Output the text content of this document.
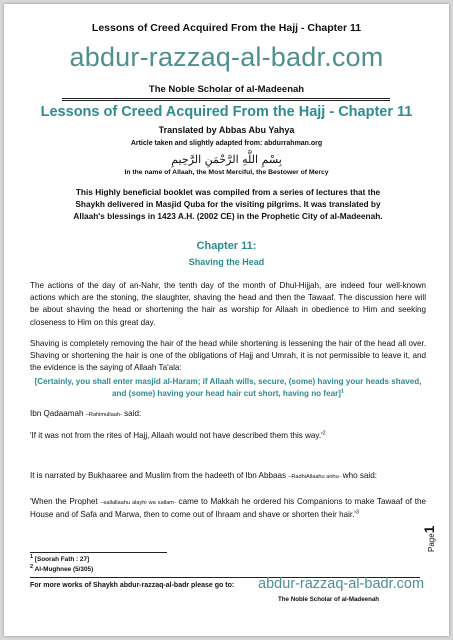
Lessons of Creed Acquired From the Hajj - Chapter 11
abdur-razzaq-al-badr.com
The Noble Scholar of al-Madeenah
Lessons of Creed Acquired From the Hajj - Chapter 11
Translated by Abbas Abu Yahya
Article taken and slightly adapted from: abdurrahman.org
بِسْمِ اللَّهِ الرَّحْمَنِ الرَّحِيمِ
In the name of Allaah, the Most Merciful, the Bestower of Mercy
This Highly beneficial booklet was compiled from a series of lectures that the Shaykh delivered in Masjid Quba for the visiting pilgrims. It was translated by Allaah's blessings in 1423 A.H. (2002 CE) in the Prophetic City of al-Madeenah.
Chapter 11:
Shaving the Head
The actions of the day of an-Nahr, the tenth day of the month of Dhul-Hijjah, are indeed four well-known actions which are the stoning, the slaughter, shaving the head and then the Tawaaf. The discussion here will be about shaving the head or shortening the hair as worship for Allaah in obedience to Him and seeking closeness to Him on this great day.
Shaving is completely removing the hair of the head while shortening is lessening the hair of the head all over. Shaving or shortening the hair is one of the obligations of Hajj and Umrah, it is not permissible to leave it, and the evidence is the saying of Allaah Ta'ala:
[Certainly, you shall enter masjid al-Haram; if Allaah wills, secure, (some) having your heads shaved, and (some) having your head hair cut short, having no fear]$^1$
Ibn Qadaamah –Rahimullaah- said:
'If it was not from the rites of Hajj, Allaah would not have described them this $way.'^2$
It is narrated by Bukhaaree and Muslim from the hadeeth of Ibn Abbaas –RadhiAllaahu anhu- who said:
'When the Prophet –sallallaahu alayhi wa sallam- came to Makkah he ordered his Companions to make Tawaaf of the House and of Safa and Marwa, then to come out of Ihraam and shave or shorten their $hair.'^3$
$^1$ [Soorah Fath : 27]
$^2$ Al-Mughnee (5/305)
For more works of Shaykh abdur-razzaq-al-badr please go to: abdur-razzaq-al-badr.com
The Noble Scholar of al-Madeenah
Page1
